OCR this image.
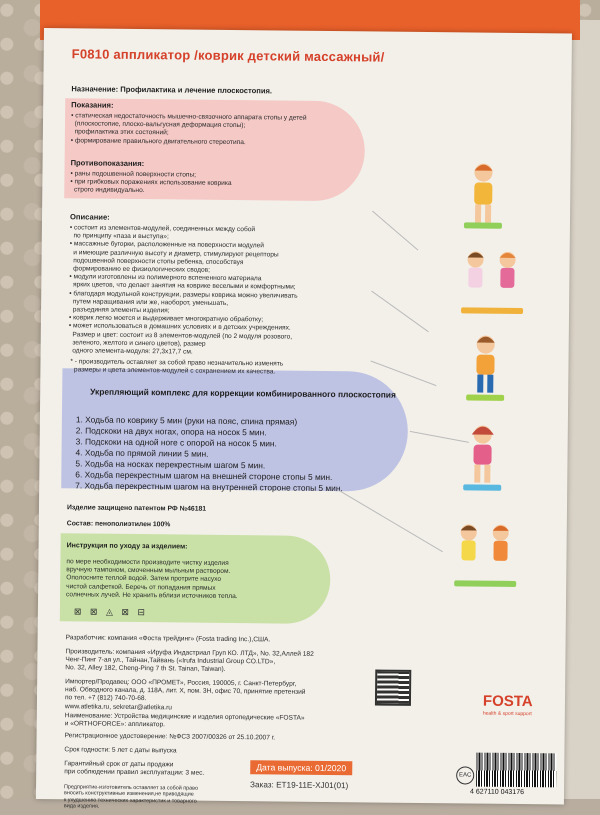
F0810 аппликатор /коврик детский массажный/
Назначение: Профилактика и лечение плоскостопия.
Показания:
• статическая недостаточность мышечно-связочного аппарата стопы у детей
(плоскостопие, плоско-вальгусная деформация стопы);
профилактика этих состояний;
• формирование правильного двигательного стереотипа.
Противопоказания:
• раны подошвенной поверхности стопы;
• при грибковых поражениях использование коврика
строго индивидуально.
Описание:
• состоит из элементов-модулей, соединенных между собой
по принципу «паза и выступа»;
• массажные бугорки, расположенные на поверхности модулей
и имеющие различную высоту и диаметр, стимулируют рецепторы
подошвенной поверхности стопы ребенка, способствуя
формированию ее физиологических сводов;
• модули изготовлены из полимерного вспененного материала
ярких цветов, что делает занятия на коврике веселыми и комфортными;
• благодаря модульной конструкции, размеры коврика можно увеличивать
путем наращивания или же, наоборот, уменьшать,
разъединяя элементы изделия;
• коврик легко моется и выдерживает многократную обработку;
• может использоваться в домашних условиях и в детских учреждениях.
Размер и цвет: состоит из 8 элементов-модулей (по 2 модуля розового,
зеленого, желтого и синего цветов), размер
одного элемента-модуля: 27,3х17,7 см.
* - производитель оставляет за собой право незначительно изменять
размеры и цвета элементов-модулей с сохранением их качества.
Укрепляющий комплекс для коррекции комбинированного плоскостопия
1. Ходьба по коврику 5 мин (руки на пояс, спина прямая)
2. Подскоки на двух ногах, опора на носок 5 мин.
3. Подскоки на одной ноге с опорой на носок 5 мин.
4. Ходьба по прямой линии 5 мин.
5. Ходьба на носках перекрестным шагом 5 мин.
6. Ходьба перекрестным шагом на внешней стороне стопы 5 мин.
7. Ходьба перекрестным шагом на внутренней стороне стопы 5 мин.
Изделие защищено патентом РФ №46181
Состав: пенополиэтилен 100%
Инструкция по уходу за изделием:
по мере необходимости производите чистку изделия
вручную тампоном, смоченным мыльным раствором.
Ополосните теплой водой. Затем протрите насухо
чистой салфеткой. Беречь от попадания прямых
солнечных лучей. Не хранить вблизи источников тепла.
⊠ ⊠ ◬ ⊠ ⊟
Разработчик: компания «Фоста трейдинг» (Fosta trading Inc.),США.
Производитель: компания «Ируфа Индастриал Груп КО. ЛТД», No. 32,Аллей 182
Ченг-Пинг 7-ая ул., Тайнан,Тайвань («Irufa Industrial Group CO.LTD»,
No. 32, Alley 182, Cheng-Ping 7 th St. Tainan, Taiwan).
Импортер/Продавец: ООО «ПРОМЕТ», Россия, 190005, г. Санкт-Петербург,
наб. Обводного канала, д. 118А, лит. Х, пом. 3Н, офис 70, принятие претензий
по тел. +7 (812) 740-70-68.
www.atletika.ru, sekretar@atletika.ru
Наименование: Устройства медицинские и изделия ортопедические «FOSTA»
и «ORTHOFORCE»: аппликатор.
Регистрационное удостоверение: №ФСЗ 2007/00326 от 25.10.2007 г.
Срок годности: 5 лет с даты выпуска
Гарантийный срок от даты продажи
при соблюдении правил эксплуатации: 3 мес.
Предприятие-изготовитель оставляет за собой право
вносить конструктивные изменения,не приводящие
к ухудшению технических характеристик и товарного
вида изделия.
Дата выпуска: 01/2020
Заказ: ET19-11E-XJ01(01)
FOSTA
health & sport support
EAC
4 627110 043176
